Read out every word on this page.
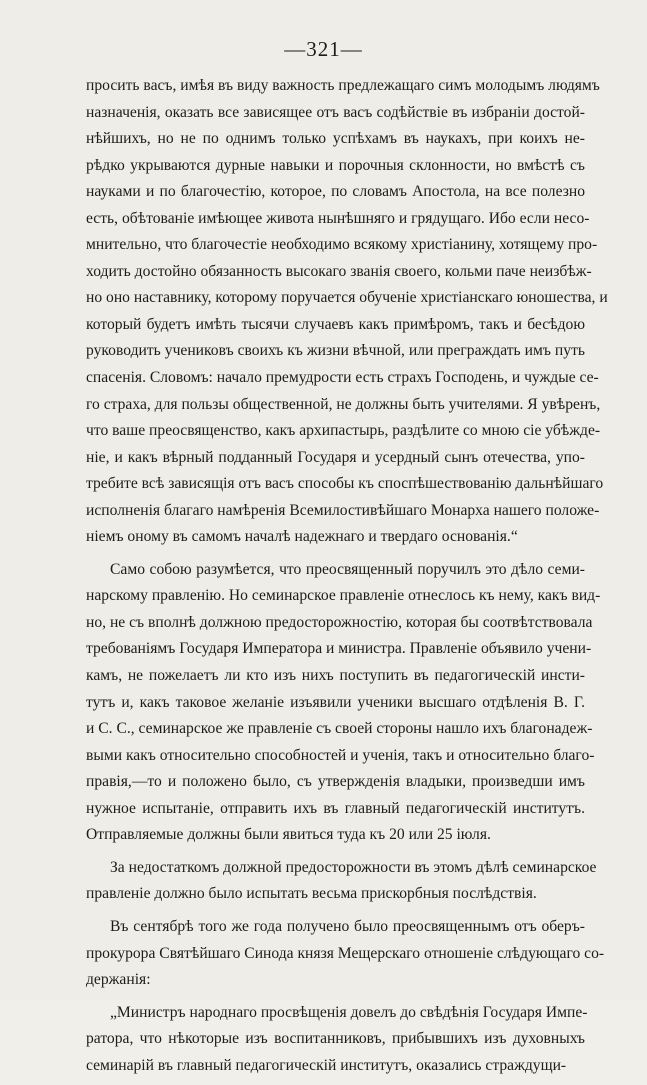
—321—
просить васъ, имѣя въ виду важность предлежащаго симъ молодымъ людямъ
назначенія, оказать все зависящее отъ васъ содѣйствіе въ избраніи достой-
нѣйшихъ, но не по однимъ только успѣхамъ въ наукахъ, при коихъ не-
рѣдко укрываются дурные навыки и порочныя склонности, но вмѣстѣ съ
науками и по благочестію, которое, по словамъ Апостола, на все полезно
есть, обѣтованіе имѣющее живота нынѣшняго и грядущаго. Ибо если несо-
мнительно, что благочестіе необходимо всякому христіанину, хотящему про-
ходить достойно обязанность высокаго званія своего, кольми паче неизбѣж-
но оно наставнику, которому поручается обученіе христіанскаго юношества, и
который будетъ имѣть тысячи случаевъ какъ примѣромъ, такъ и бесѣдою
руководить учениковъ своихъ къ жизни вѣчной, или преграждать имъ путь
спасенія. Словомъ: начало премудрости есть страхъ Господень, и чуждые се-
го страха, для пользы общественной, не должны быть учителями. Я увѣренъ,
что ваше преосвященство, какъ архипастырь, раздѣлите со мною сіе убѣжде-
ніе, и какъ вѣрный подданный Государя и усердный сынъ отечества, упо-
требите всѣ зависящія отъ васъ способы къ споспѣшествованію дальнѣйшаго
исполненія благаго намѣренія Всемилостивѣйшаго Монарха нашего положе-
ніемъ оному въ самомъ началѣ надежнаго и твердаго основанія.“
Само собою разумѣется, что преосвященный поручилъ это дѣло семи-
нарскому правленію. Но семинарское правленіе отнеслось къ нему, какъ вид-
но, не съ вполнѣ должною предосторожностію, которая бы соотвѣтствовала
требованіямъ Государя Императора и министра. Правленіе объявило учени-
камъ, не пожелаетъ ли кто изъ нихъ поступить въ педагогическій инсти-
тутъ и, какъ таковое желаніе изъявили ученики высшаго отдѣленія В. Г.
и С. С., семинарское же правленіе съ своей стороны нашло ихъ благонадеж-
выми какъ относительно способностей и ученія, такъ и относительно благо-
правія,—то и положено было, съ утвержденія владыки, произведши имъ
нужное испытаніе, отправить ихъ въ главный педагогическій институтъ.
Отправляемые должны были явиться туда къ 20 или 25 іюля.
За недостаткомъ должной предосторожности въ этомъ дѣлѣ семинарское
правленіе должно было испытать весьма прискорбныя послѣдствія.
Въ сентябрѣ того же года получено было преосвященнымъ отъ оберъ-
прокурора Святѣйшаго Синода князя Мещерскаго отношеніе слѣдующаго со-
держанія:
„Министръ народнаго просвѣщенія довелъ до свѣдѣнія Государя Импе-
ратора, что нѣкоторые изъ воспитанниковъ, прибывшихъ изъ духовныхъ
семинарій въ главный педагогическій институтъ, оказались страждущи-
